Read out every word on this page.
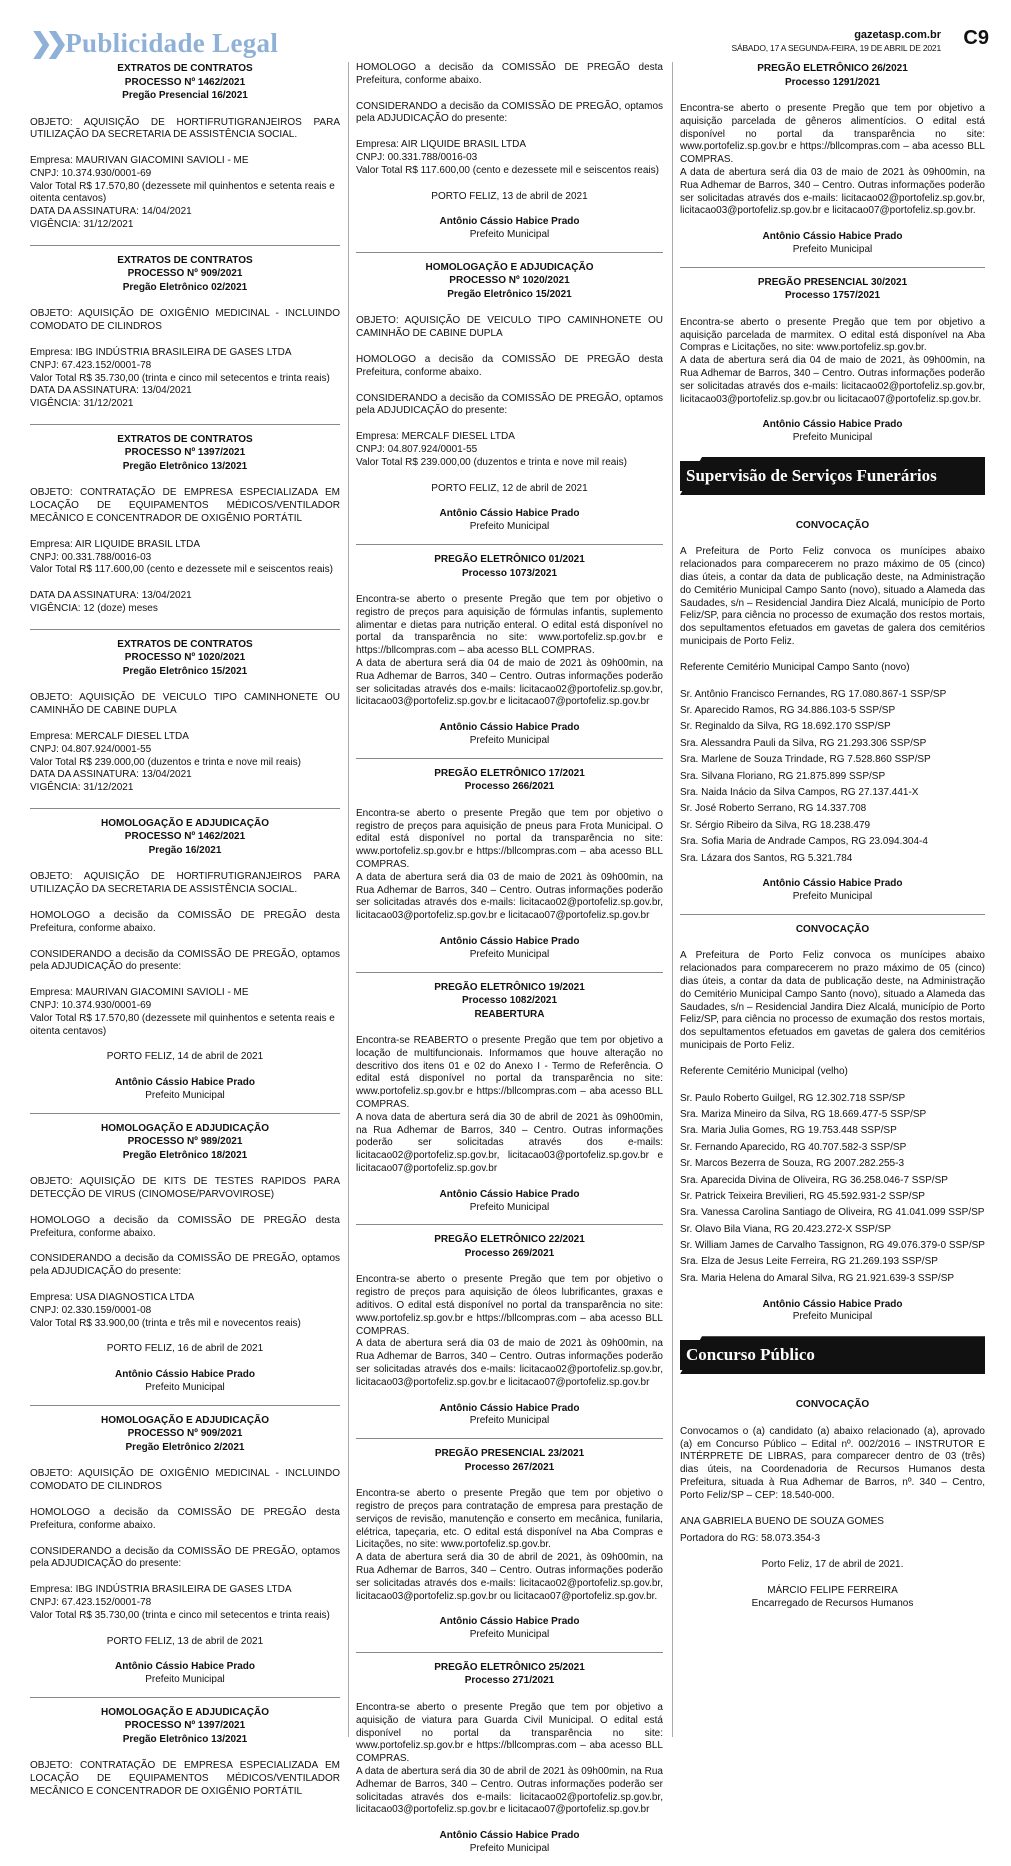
❯❯ Publicidade Legal	gazetasp.com.br
SÁBADO, 17 A SEGUNDA-FEIRA, 19 DE ABRIL DE 2021 C9
EXTRATOS DE CONTRATOS
PROCESSO Nº 1462/2021
Pregão Presencial 16/2021

OBJETO: AQUISIÇÃO DE HORTIFRUTIGRANJEIROS PARA UTILIZAÇÃO DA SECRETARIA DE ASSISTÊNCIA SOCIAL.

Empresa: MAURIVAN GIACOMINI SAVIOLI - ME
CNPJ: 10.374.930/0001-69
Valor Total R$ 17.570,80 (dezessete mil quinhentos e setenta reais e oitenta centavos)
DATA DA ASSINATURA: 14/04/2021
VIGÊNCIA: 31/12/2021
EXTRATOS DE CONTRATOS
PROCESSO Nº 909/2021
Pregão Eletrônico 02/2021

OBJETO: AQUISIÇÃO DE OXIGÊNIO MEDICINAL - INCLUINDO COMODATO DE CILINDROS

Empresa: IBG INDÚSTRIA BRASILEIRA DE GASES LTDA
CNPJ: 67.423.152/0001-78
Valor Total R$ 35.730,00 (trinta e cinco mil setecentos e trinta reais)
DATA DA ASSINATURA: 13/04/2021
VIGÊNCIA: 31/12/2021
EXTRATOS DE CONTRATOS
PROCESSO Nº 1397/2021
Pregão Eletrônico 13/2021

OBJETO: CONTRATAÇÃO DE EMPRESA ESPECIALIZADA EM LOCAÇÃO DE EQUIPAMENTOS MÉDICOS/VENTILADOR MECÂNICO E CONCENTRADOR DE OXIGÊNIO PORTÁTIL

Empresa: AIR LIQUIDE BRASIL LTDA
CNPJ: 00.331.788/0016-03
Valor Total R$ 117.600,00 (cento e dezessete mil e seiscentos reais)
DATA DA ASSINATURA: 13/04/2021
VIGÊNCIA: 12 (doze) meses
EXTRATOS DE CONTRATOS
PROCESSO Nº 1020/2021
Pregão Eletrônico 15/2021

OBJETO: AQUISIÇÃO DE VEICULO TIPO CAMINHONETE OU CAMINHÃO DE CABINE DUPLA

Empresa: MERCALF DIESEL LTDA
CNPJ: 04.807.924/0001-55
Valor Total R$ 239.000,00 (duzentos e trinta e nove mil reais)
DATA DA ASSINATURA: 13/04/2021
VIGÊNCIA: 31/12/2021
HOMOLOGAÇÃO E ADJUDICAÇÃO
PROCESSO Nº 1462/2021
Pregão 16/2021

OBJETO: AQUISIÇÃO DE HORTIFRUTIGRANJEIROS PARA UTILIZAÇÃO DA SECRETARIA DE ASSISTÊNCIA SOCIAL.

HOMOLOGO a decisão da COMISSÃO DE PREGÃO desta Prefeitura, conforme abaixo.

CONSIDERANDO a decisão da COMISSÃO DE PREGÃO, optamos pela ADJUDICAÇÃO do presente:

Empresa: MAURIVAN GIACOMINI SAVIOLI - ME
CNPJ: 10.374.930/0001-69
Valor Total R$ 17.570,80 (dezessete mil quinhentos e setenta reais e oitenta centavos)
PORTO FELIZ, 14 de abril de 2021
Antônio Cássio Habice Prado
Prefeito Municipal
HOMOLOGAÇÃO E ADJUDICAÇÃO
PROCESSO Nº 989/2021
Pregão Eletrônico 18/2021

OBJETO: AQUISIÇÃO DE KITS DE TESTES RAPIDOS PARA DETECÇÃO DE VIRUS (CINOMOSE/PARVOVIROSE)

HOMOLOGO a decisão da COMISSÃO DE PREGÃO desta Prefeitura, conforme abaixo.

CONSIDERANDO a decisão da COMISSÃO DE PREGÃO, optamos pela ADJUDICAÇÃO do presente:

Empresa: USA DIAGNOSTICA LTDA
CNPJ: 02.330.159/0001-08
Valor Total R$ 33.900,00 (trinta e três mil e novecentos reais)
PORTO FELIZ, 16 de abril de 2021
Antônio Cássio Habice Prado
Prefeito Municipal
HOMOLOGAÇÃO E ADJUDICAÇÃO
PROCESSO Nº 909/2021
Pregão Eletrônico 2/2021

OBJETO: AQUISIÇÃO DE OXIGÊNIO MEDICINAL - INCLUINDO COMODATO DE CILINDROS

HOMOLOGO a decisão da COMISSÃO DE PREGÃO desta Prefeitura, conforme abaixo.

CONSIDERANDO a decisão da COMISSÃO DE PREGÃO, optamos pela ADJUDICAÇÃO do presente:

Empresa: IBG INDÚSTRIA BRASILEIRA DE GASES LTDA
CNPJ: 67.423.152/0001-78
Valor Total R$ 35.730,00 (trinta e cinco mil setecentos e trinta reais)
PORTO FELIZ, 13 de abril de 2021
Antônio Cássio Habice Prado
Prefeito Municipal
HOMOLOGAÇÃO E ADJUDICAÇÃO
PROCESSO Nº 1397/2021
Pregão Eletrônico 13/2021

OBJETO: CONTRATAÇÃO DE EMPRESA ESPECIALIZADA EM LOCAÇÃO DE EQUIPAMENTOS MÉDICOS/VENTILADOR MECÂNICO E CONCENTRADOR DE OXIGÊNIO PORTÁTIL

HOMOLOGO a decisão da COMISSÃO DE PREGÃO desta Prefeitura, conforme abaixo.

CONSIDERANDO a decisão da COMISSÃO DE PREGÃO, optamos pela ADJUDICAÇÃO do presente:

Empresa: AIR LIQUIDE BRASIL LTDA
CNPJ: 00.331.788/0016-03
Valor Total R$ 117.600,00 (cento e dezessete mil e seiscentos reais)
PORTO FELIZ, 13 de abril de 2021
Antônio Cássio Habice Prado
Prefeito Municipal
HOMOLOGAÇÃO E ADJUDICAÇÃO
PROCESSO Nº 1020/2021
Pregão Eletrônico 15/2021

OBJETO: AQUISIÇÃO DE VEICULO TIPO CAMINHONETE OU CAMINHÃO DE CABINE DUPLA

HOMOLOGO a decisão da COMISSÃO DE PREGÃO desta Prefeitura, conforme abaixo.

CONSIDERANDO a decisão da COMISSÃO DE PREGÃO, optamos pela ADJUDICAÇÃO do presente:

Empresa: MERCALF DIESEL LTDA
CNPJ: 04.807.924/0001-55
Valor Total R$ 239.000,00 (duzentos e trinta e nove mil reais)
PORTO FELIZ, 12 de abril de 2021
Antônio Cássio Habice Prado
Prefeito Municipal
PREGÃO ELETRÔNICO 01/2021
Processo 1073/2021

Encontra-se aberto o presente Pregão que tem por objetivo o registro de preços para aquisição de fórmulas infantis, suplemento alimentar e dietas para nutrição enteral. O edital está disponível no portal da transparência no site: www.portofeliz.sp.gov.br e https://bllcompras.com – aba acesso BLL COMPRAS.

A data de abertura será dia 04 de maio de 2021 às 09h00min, na Rua Adhemar de Barros, 340 – Centro. Outras informações poderão ser solicitadas através dos e-mails: licitacao02@portofeliz.sp.gov.br, licitacao03@portofeliz.sp.gov.br e licitacao07@portofeliz.sp.gov.br

Antônio Cássio Habice Prado
Prefeito Municipal
PREGÃO ELETRÔNICO 17/2021
Processo 266/2021

Encontra-se aberto o presente Pregão que tem por objetivo o registro de preços para aquisição de pneus para Frota Municipal. O edital está disponível no portal da transparência no site: www.portofeliz.sp.gov.br e https://bllcompras.com – aba acesso BLL COMPRAS.

A data de abertura será dia 03 de maio de 2021 às 09h00min, na Rua Adhemar de Barros, 340 – Centro. Outras informações poderão ser solicitadas através dos e-mails: licitacao02@portofeliz.sp.gov.br, licitacao03@portofeliz.sp.gov.br e licitacao07@portofeliz.sp.gov.br

Antônio Cássio Habice Prado
Prefeito Municipal
PREGÃO ELETRÔNICO 19/2021
Processo 1082/2021
REABERTURA

Encontra-se REABERTO o presente Pregão que tem por objetivo a locação de multifuncionais. Informamos que houve alteração no descritivo dos itens 01 e 02 do Anexo I - Termo de Referência. O edital está disponível no portal da transparência no site: www.portofeliz.sp.gov.br e https://bllcompras.com – aba acesso BLL COMPRAS.

A nova data de abertura será dia 30 de abril de 2021 às 09h00min, na Rua Adhemar de Barros, 340 – Centro. Outras informações poderão ser solicitadas através dos e-mails: licitacao02@portofeliz.sp.gov.br, licitacao03@portofeliz.sp.gov.br e licitacao07@portofeliz.sp.gov.br

Antônio Cássio Habice Prado
Prefeito Municipal
PREGÃO ELETRÔNICO 22/2021
Processo 269/2021

Encontra-se aberto o presente Pregão que tem por objetivo o registro de preços para aquisição de óleos lubrificantes, graxas e aditivos. O edital está disponível no portal da transparência no site: www.portofeliz.sp.gov.br e https://bllcompras.com – aba acesso BLL COMPRAS.

A data de abertura será dia 03 de maio de 2021 às 09h00min, na Rua Adhemar de Barros, 340 – Centro. Outras informações poderão ser solicitadas através dos e-mails: licitacao02@portofeliz.sp.gov.br, licitacao03@portofeliz.sp.gov.br e licitacao07@portofeliz.sp.gov.br

Antônio Cássio Habice Prado
Prefeito Municipal
PREGÃO PRESENCIAL 23/2021
Processo 267/2021

Encontra-se aberto o presente Pregão que tem por objetivo o registro de preços para contratação de empresa para prestação de serviços de revisão, manutenção e conserto em mecânica, funilaria, elétrica, tapeçaria, etc. O edital está disponível na Aba Compras e Licitações, no site: www.portofeliz.sp.gov.br.

A data de abertura será dia 30 de abril de 2021, às 09h00min, na Rua Adhemar de Barros, 340 – Centro. Outras informações poderão ser solicitadas através dos e-mails: licitacao02@portofeliz.sp.gov.br, licitacao03@portofeliz.sp.gov.br ou licitacao07@portofeliz.sp.gov.br.

Antônio Cássio Habice Prado
Prefeito Municipal
PREGÃO ELETRÔNICO 25/2021
Processo 271/2021

Encontra-se aberto o presente Pregão que tem por objetivo a aquisição de viatura para Guarda Civil Municipal. O edital está disponível no portal da transparência no site: www.portofeliz.sp.gov.br e https://bllcompras.com – aba acesso BLL COMPRAS.

A data de abertura será dia 30 de abril de 2021 às 09h00min, na Rua Adhemar de Barros, 340 – Centro. Outras informações poderão ser solicitadas através dos e-mails: licitacao02@portofeliz.sp.gov.br, licitacao03@portofeliz.sp.gov.br e licitacao07@portofeliz.sp.gov.br

Antônio Cássio Habice Prado
Prefeito Municipal
PREGÃO ELETRÔNICO 26/2021
Processo 1291/2021

Encontra-se aberto o presente Pregão que tem por objetivo a aquisição parcelada de gêneros alimentícios. O edital está disponível no portal da transparência no site: www.portofeliz.sp.gov.br e https://bllcompras.com – aba acesso BLL COMPRAS.

A data de abertura será dia 03 de maio de 2021 às 09h00min, na Rua Adhemar de Barros, 340 – Centro. Outras informações poderão ser solicitadas através dos e-mails: licitacao02@portofeliz.sp.gov.br, licitacao03@portofeliz.sp.gov.br e licitacao07@portofeliz.sp.gov.br.

Antônio Cássio Habice Prado
Prefeito Municipal
PREGÃO PRESENCIAL 30/2021
Processo 1757/2021

Encontra-se aberto o presente Pregão que tem por objetivo a aquisição parcelada de marmitex. O edital está disponível na Aba Compras e Licitações, no site: www.portofeliz.sp.gov.br.

A data de abertura será dia 04 de maio de 2021, às 09h00min, na Rua Adhemar de Barros, 340 – Centro. Outras informações poderão ser solicitadas através dos e-mails: licitacao02@portofeliz.sp.gov.br, licitacao03@portofeliz.sp.gov.br ou licitacao07@portofeliz.sp.gov.br.

Antônio Cássio Habice Prado
Prefeito Municipal
Supervisão de Serviços Funerários
CONVOCAÇÃO

A Prefeitura de Porto Feliz convoca os munícipes abaixo relacionados para comparecerem no prazo máximo de 05 (cinco) dias úteis, a contar da data de publicação deste, na Administração do Cemitério Municipal Campo Santo (novo), situado a Alameda das Saudades, s/n – Residencial Jandira Diez Alcalá, município de Porto Feliz/SP, para ciência no processo de exumação dos restos mortais, dos sepultamentos efetuados em gavetas de galera dos cemitérios municipais de Porto Feliz.

Referente Cemitério Municipal Campo Santo (novo)

Sr. Antônio Francisco Fernandes, RG 17.080.867-1 SSP/SP
Sr. Aparecido Ramos, RG 34.886.103-5 SSP/SP
Sr. Reginaldo da Silva, RG 18.692.170 SSP/SP
Sra. Alessandra Pauli da Silva, RG 21.293.306 SSP/SP
Sra. Marlene de Souza Trindade, RG 7.528.860 SSP/SP
Sra. Silvana Floriano, RG 21.875.899 SSP/SP
Sra. Naida Inácio da Silva Campos, RG 27.137.441-X
Sr. José Roberto Serrano, RG 14.337.708
Sr. Sérgio Ribeiro da Silva, RG 18.238.479
Sra. Sofia Maria de Andrade Campos, RG 23.094.304-4
Sra. Lázara dos Santos, RG 5.321.784
Antônio Cássio Habice Prado
Prefeito Municipal
CONVOCAÇÃO

A Prefeitura de Porto Feliz convoca os munícipes abaixo relacionados para comparecerem no prazo máximo de 05 (cinco) dias úteis, a contar da data de publicação deste, na Administração do Cemitério Municipal Campo Santo (novo), situado a Alameda das Saudades, s/n – Residencial Jandira Diez Alcalá, município de Porto Feliz/SP, para ciência no processo de exumação dos restos mortais, dos sepultamentos efetuados em gavetas de galera dos cemitérios municipais de Porto Feliz.

Referente Cemitério Municipal (velho)

Sr. Paulo Roberto Guilgel, RG 12.302.718 SSP/SP
Sra. Mariza Mineiro da Silva, RG 18.669.477-5 SSP/SP
Sra. Maria Julia Gomes, RG 19.753.448 SSP/SP
Sr. Fernando Aparecido, RG 40.707.582-3 SSP/SP
Sr. Marcos Bezerra de Souza, RG 2007.282.255-3
Sra. Aparecida Divina de Oliveira, RG 36.258.046-7 SSP/SP
Sr. Patrick Teixeira Brevilieri, RG 45.592.931-2 SSP/SP
Sra. Vanessa Carolina Santiago de Oliveira, RG 41.041.099 SSP/SP
Sr. Olavo Bila Viana, RG 20.423.272-X SSP/SP
Sr. William James de Carvalho Tassignon, RG 49.076.379-0 SSP/SP
Sra. Elza de Jesus Leite Ferreira, RG 21.269.193 SSP/SP
Sra. Maria Helena do Amaral Silva, RG 21.921.639-3 SSP/SP
Antônio Cássio Habice Prado
Prefeito Municipal
Concurso Público
CONVOCAÇÃO

Convocamos o (a) candidato (a) abaixo relacionado (a), aprovado (a) em Concurso Público – Edital nº. 002/2016 – INSTRUTOR E INTÉRPRETE DE LIBRAS, para comparecer dentro de 03 (três) dias úteis, na Coordenadoria de Recursos Humanos desta Prefeitura, situada à Rua Adhemar de Barros, nº. 340 – Centro, Porto Feliz/SP – CEP: 18.540-000.

ANA GABRIELA BUENO DE SOUZA GOMES
Portadora do RG: 58.073.354-3
Porto Feliz, 17 de abril de 2021.
MÁRCIO FELIPE FERREIRA
Encarregado de Recursos Humanos
